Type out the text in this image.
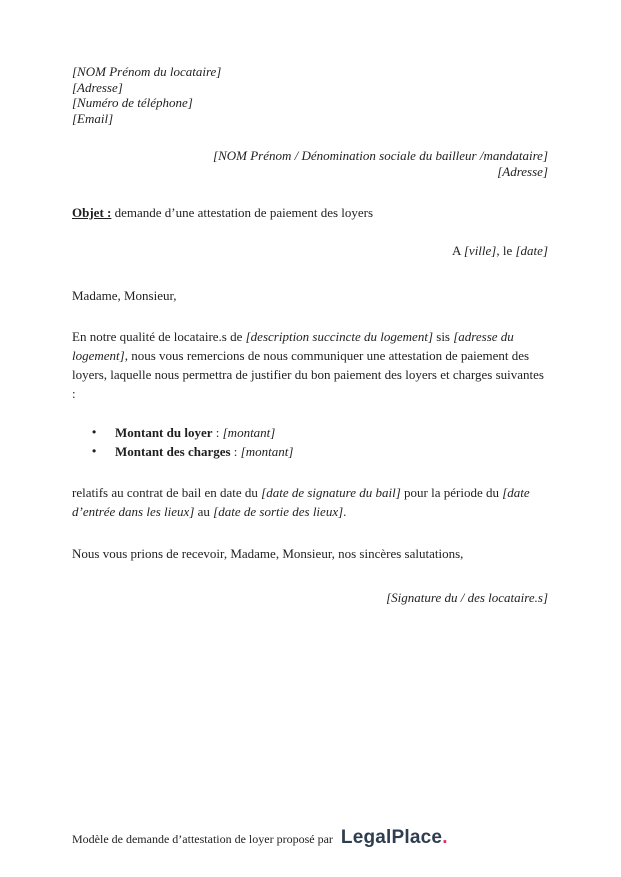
[NOM Prénom du locataire]
[Adresse]
[Numéro de téléphone]
[Email]
[NOM Prénom / Dénomination sociale du bailleur /mandataire]
[Adresse]

Objet : demande d’une attestation de paiement des loyers

A [ville], le [date]

Madame, Monsieur,

En notre qualité de locataire.s de [description succincte du logement] sis [adresse du logement], nous vous remercions de nous communiquer une attestation de paiement des loyers, laquelle nous permettra de justifier du bon paiement des loyers et charges suivantes :

•	Montant du loyer : [montant]
•	Montant des charges : [montant]

relatifs au contrat de bail en date du [date de signature du bail] pour la période du [date d’entrée dans les lieux] au [date de sortie des lieux].

Nous vous prions de recevoir, Madame, Monsieur, nos sincères salutations,

[Signature du / des locataire.s]

Modèle de demande d’attestation de loyer proposé par LegalPlace.
